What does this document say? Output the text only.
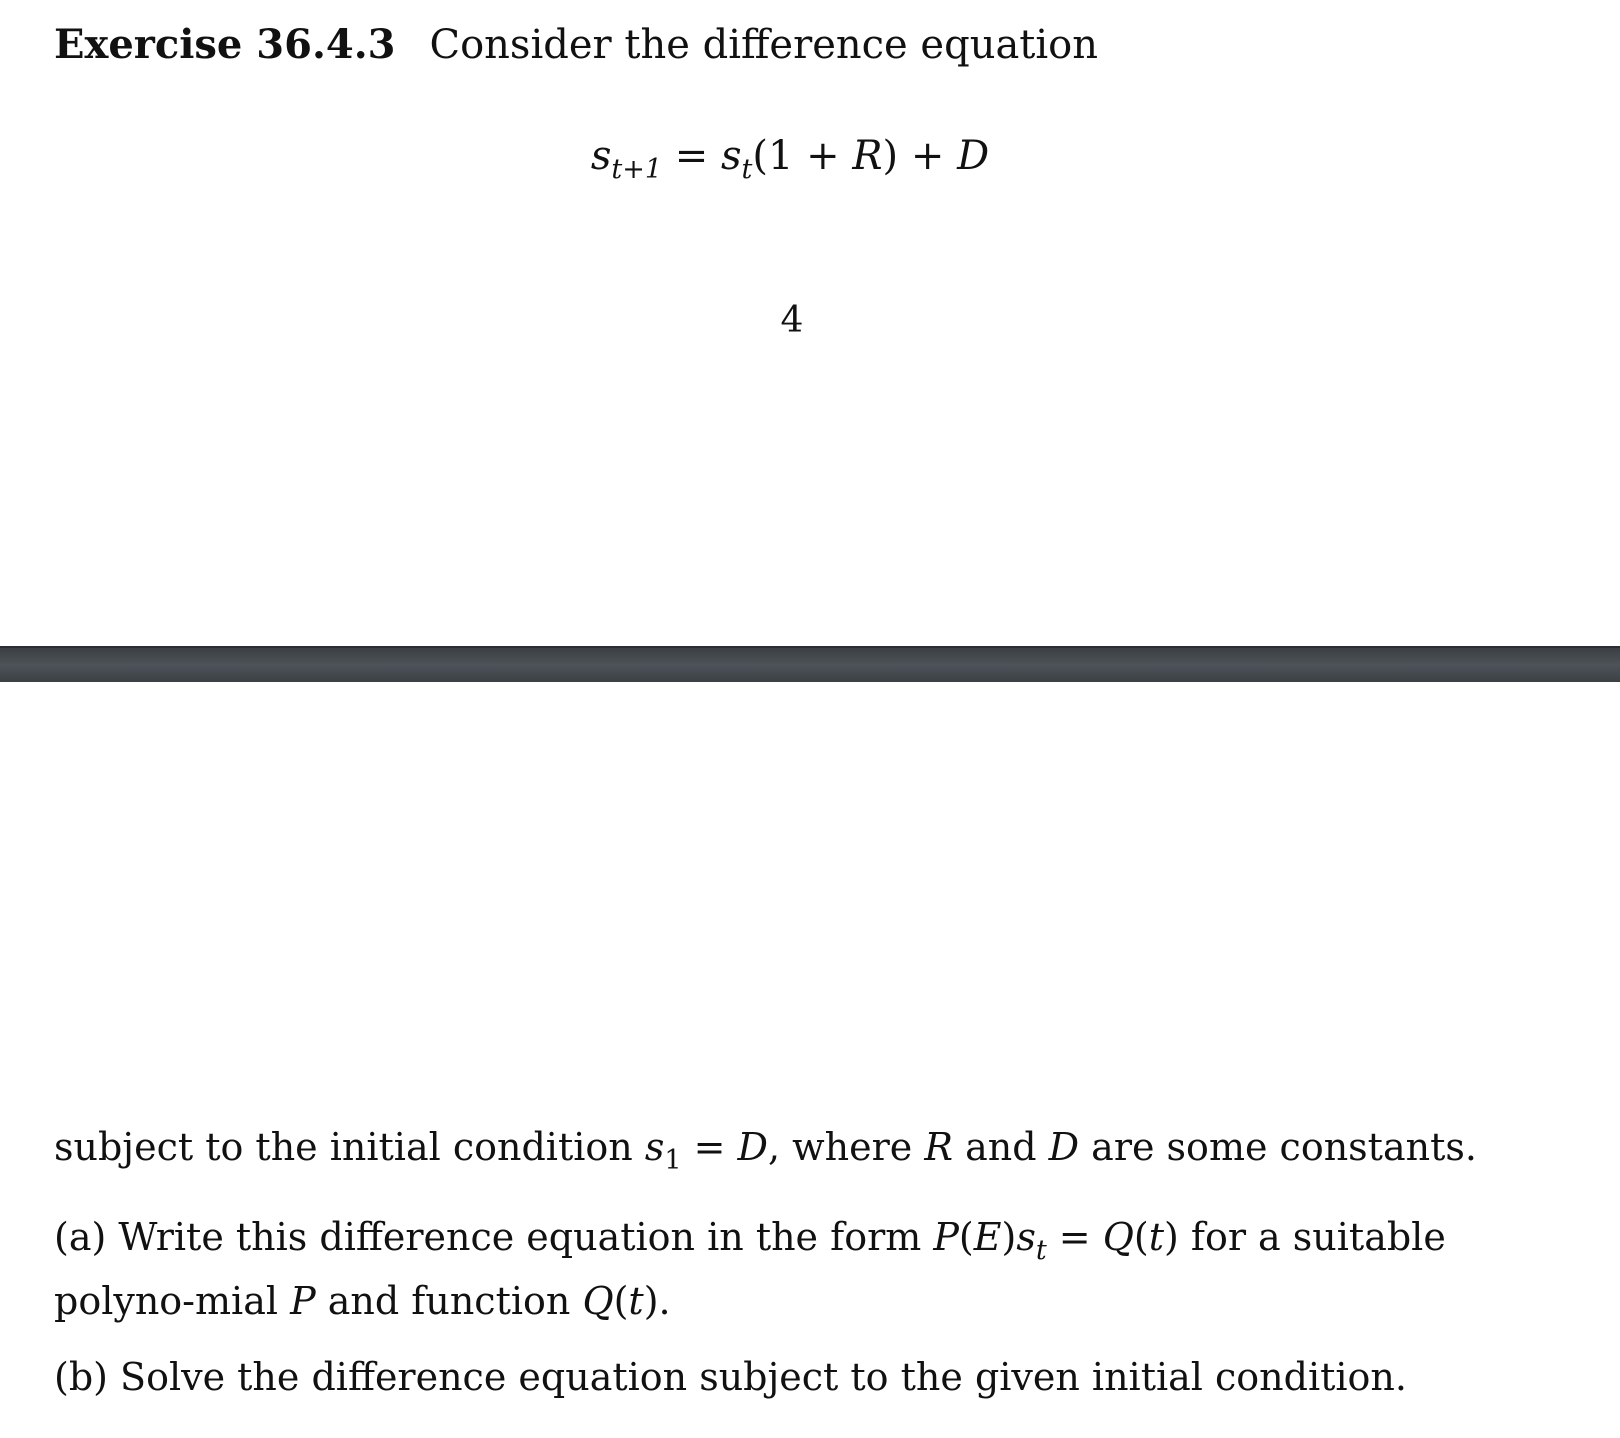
Exercise 36.4.3 Consider the difference equation
$s_{t+1} = s_t(1 + R) + D$
4
subject to the initial condition $s_1 = D$, where R and D are some constants.
(a) Write this difference equation in the form $P(E)s_t = Q(t)$ for a suitable polyno-mial P and function Q(t).
(b) Solve the difference equation subject to the given initial condition.
